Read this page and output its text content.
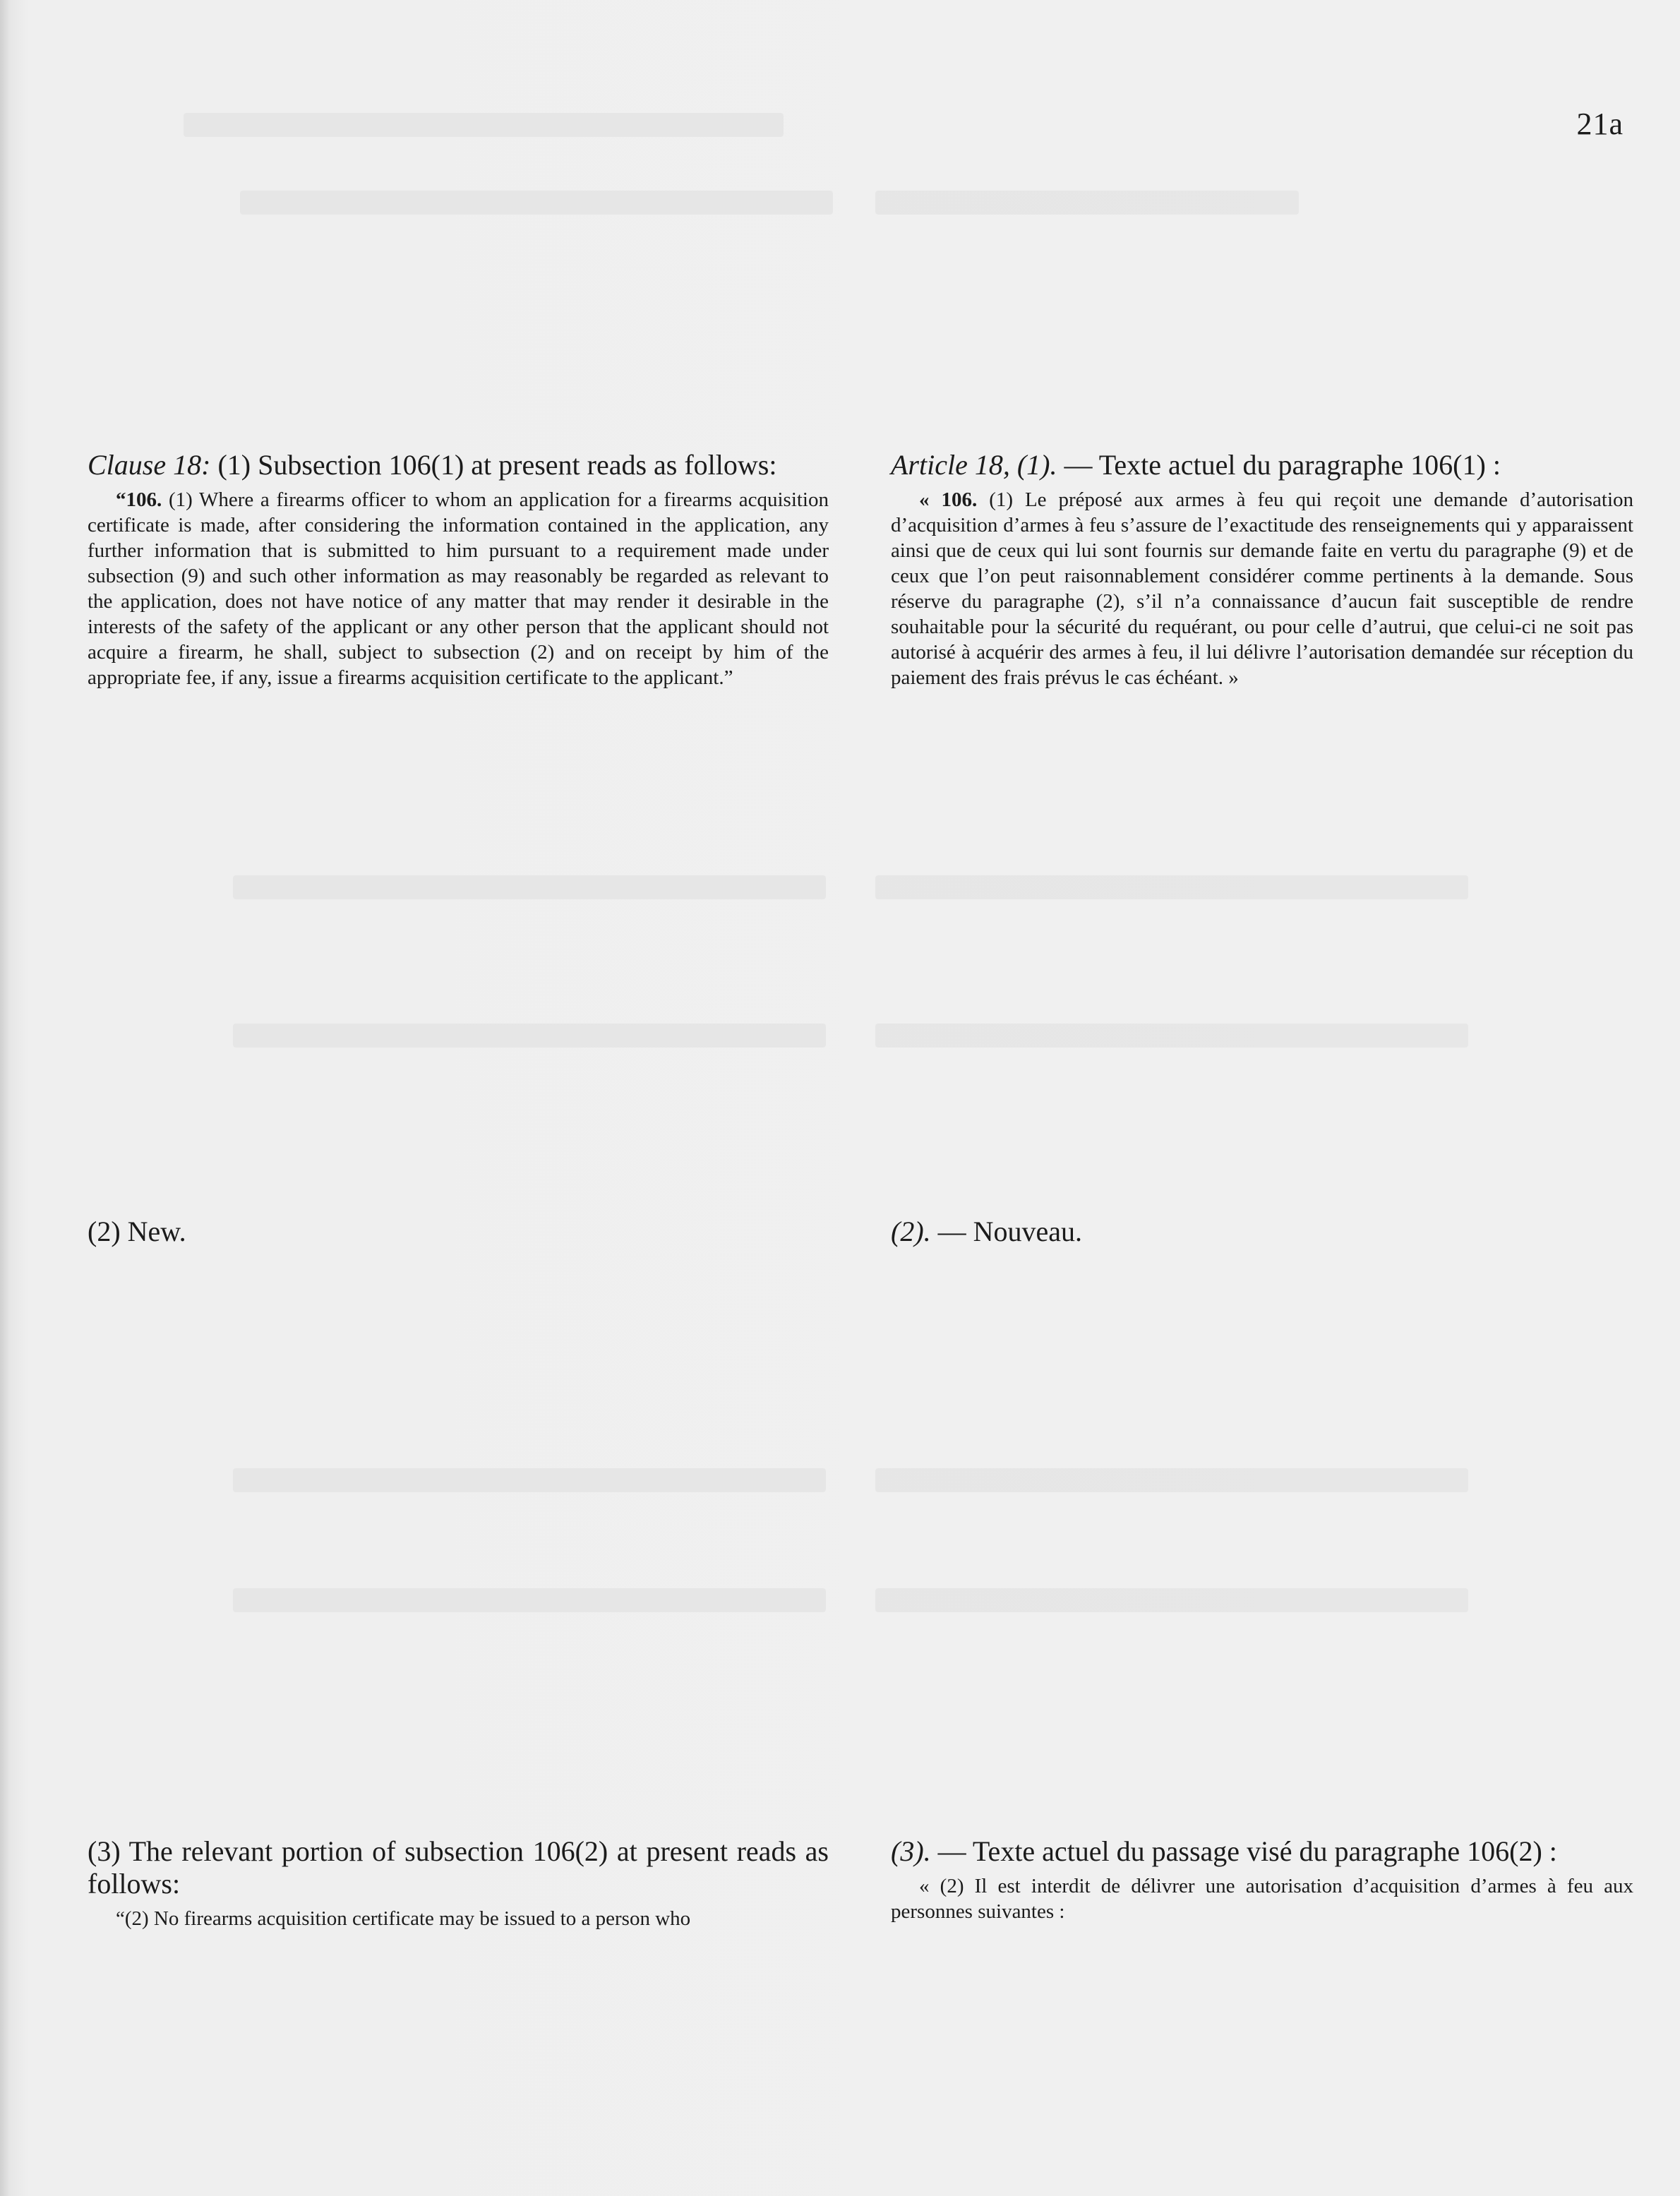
21a

Clause 18: (1) Subsection 106(1) at present reads as follows:

“106. (1) Where a firearms officer to whom an application for a firearms acquisition certificate is made, after considering the information contained in the application, any further information that is submitted to him pursuant to a requirement made under subsection (9) and such other information as may reasonably be regarded as relevant to the application, does not have notice of any matter that may render it desirable in the interests of the safety of the applicant or any other person that the applicant should not acquire a firearm, he shall, subject to subsection (2) and on receipt by him of the appropriate fee, if any, issue a firearms acquisition certificate to the applicant.”

Article 18, (1). — Texte actuel du paragraphe 106(1) :

« 106. (1) Le préposé aux armes à feu qui reçoit une demande d’autorisation d’acquisition d’armes à feu s’assure de l’exactitude des renseignements qui y apparaissent ainsi que de ceux qui lui sont fournis sur demande faite en vertu du paragraphe (9) et de ceux que l’on peut raisonnablement considérer comme pertinents à la demande. Sous réserve du paragraphe (2), s’il n’a connaissance d’aucun fait susceptible de rendre souhaitable pour la sécurité du requérant, ou pour celle d’autrui, que celui-ci ne soit pas autorisé à acquérir des armes à feu, il lui délivre l’autorisation demandée sur réception du paiement des frais prévus le cas échéant. »

(2) New.	(2). — Nouveau.

(3) The relevant portion of subsection 106(2) at present reads as follows:

“(2) No firearms acquisition certificate may be issued to a person who

(3). — Texte actuel du passage visé du paragraphe 106(2) :

« (2) Il est interdit de délivrer une autorisation d’acquisition d’armes à feu aux personnes suivantes :
